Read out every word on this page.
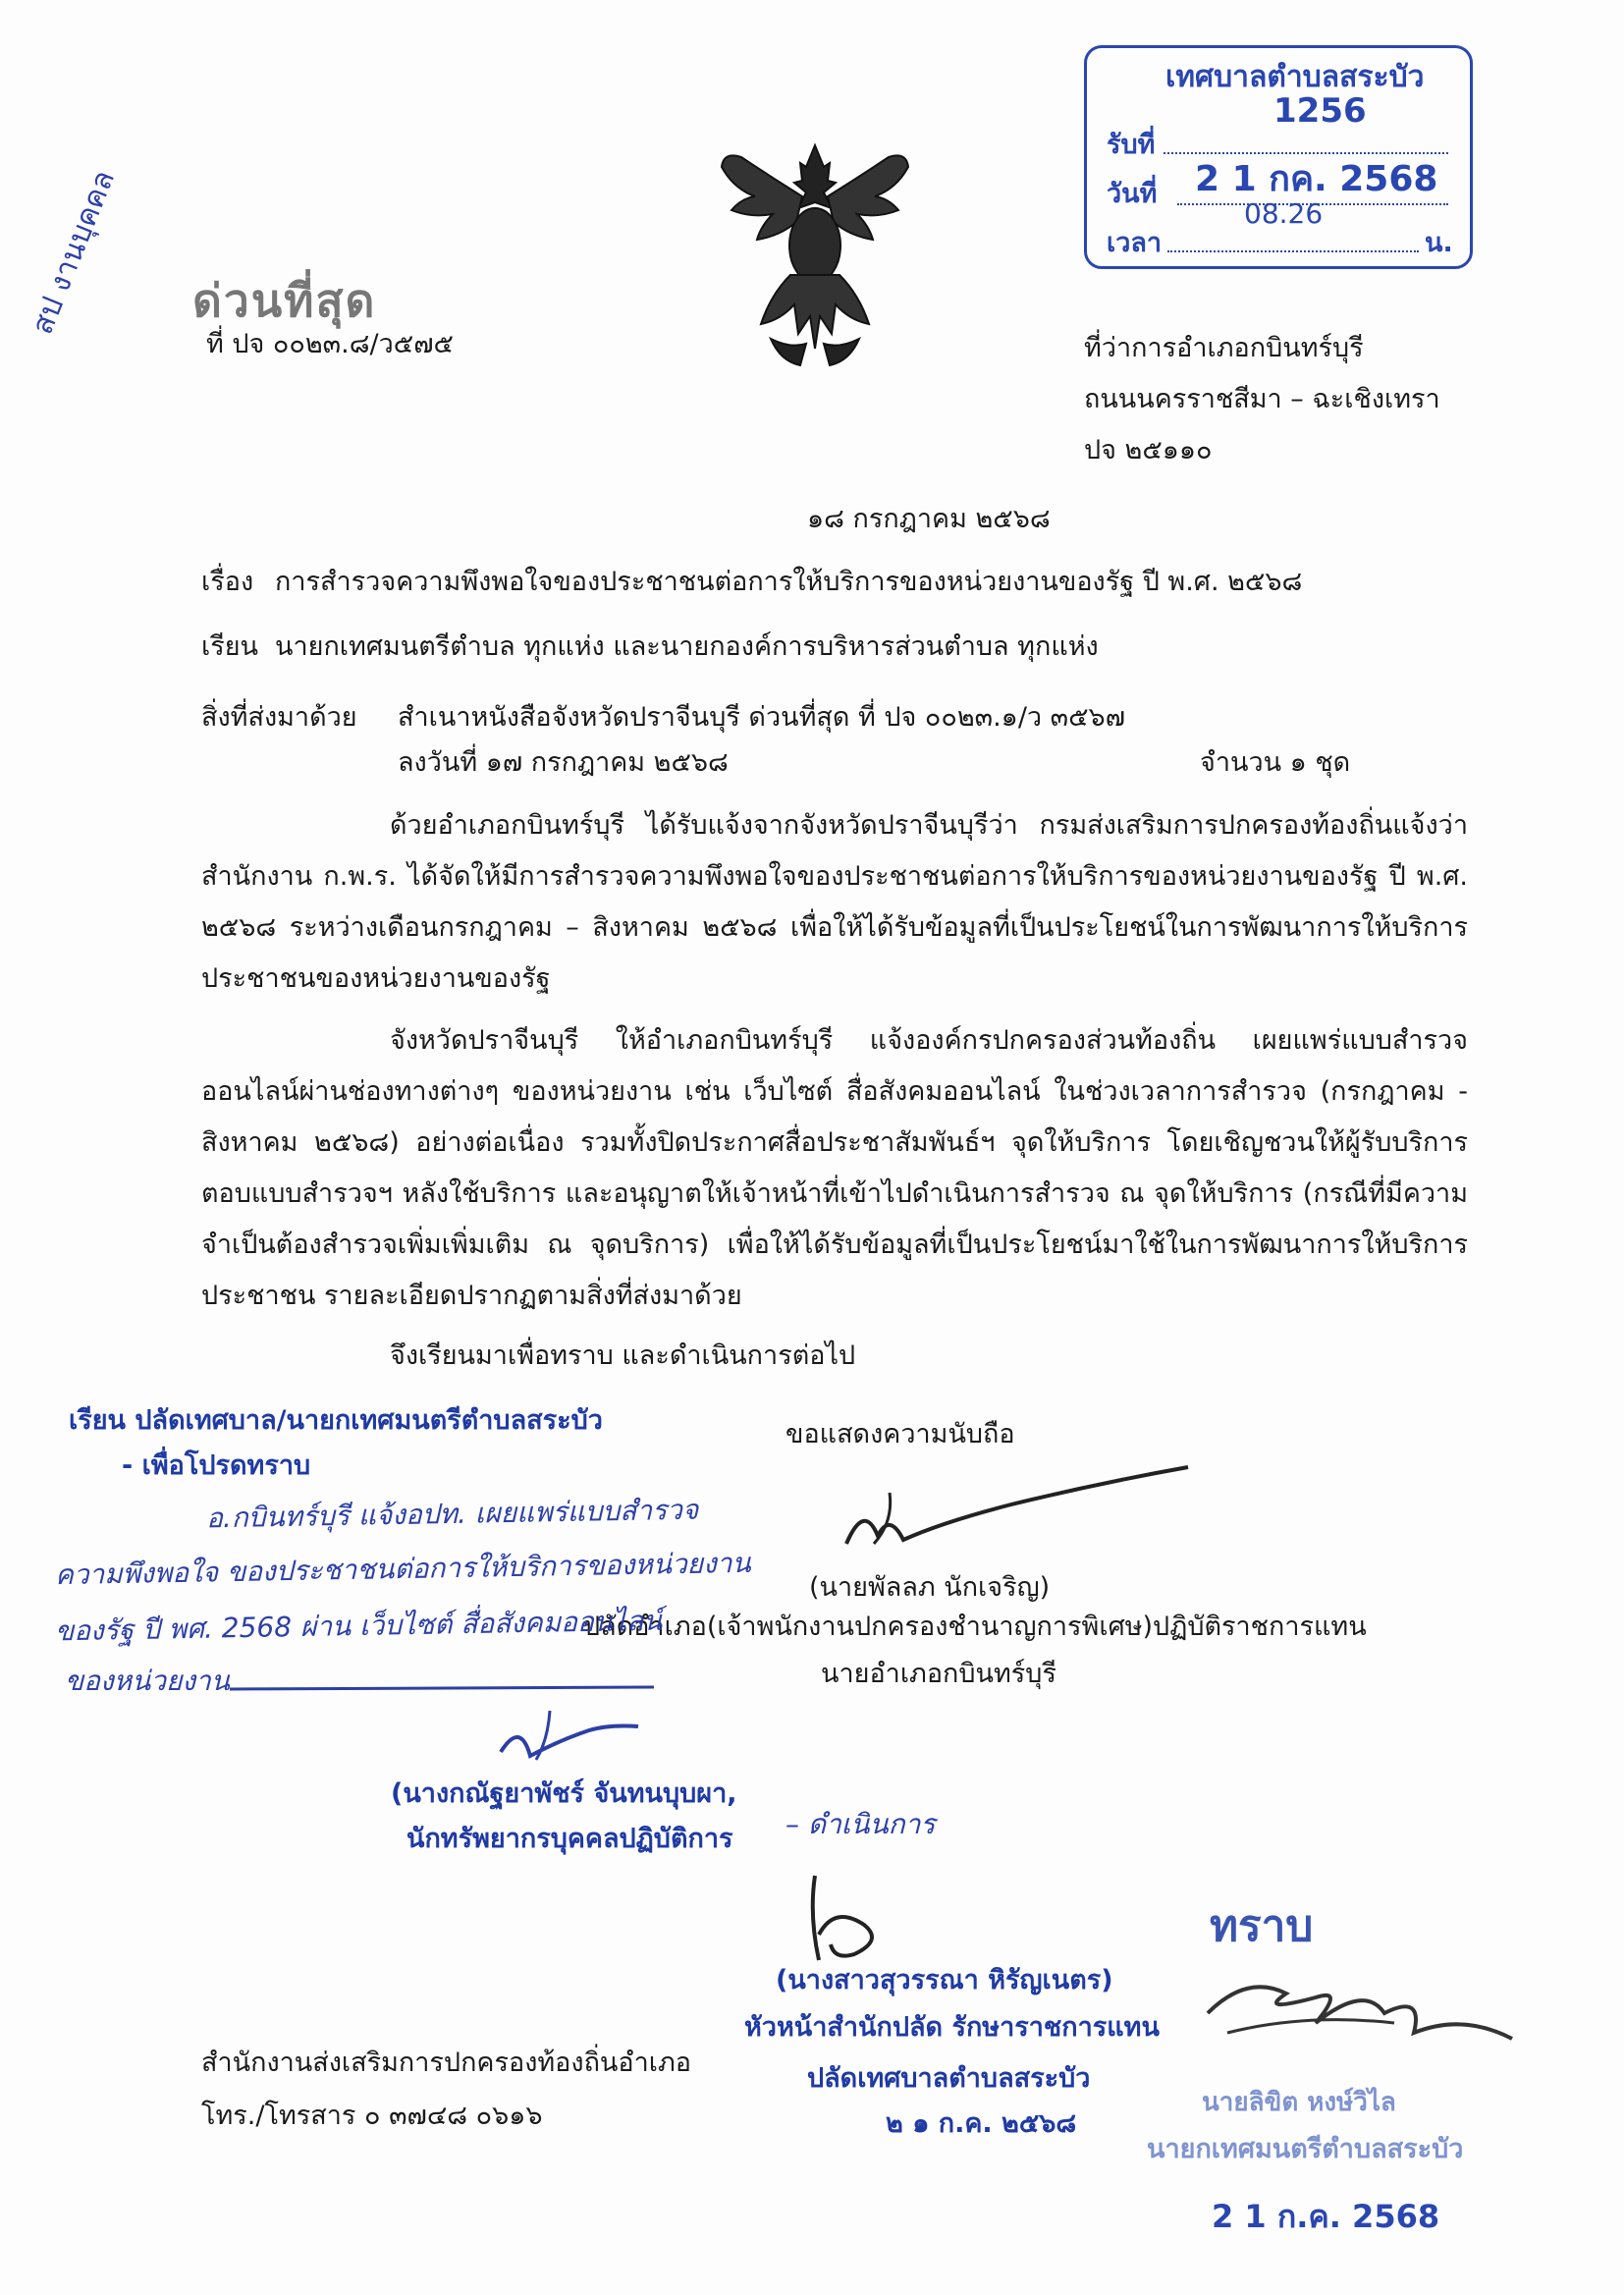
เทศบาลตำบลสระบัว
รับที่
1256
วันที่ 2 1 กค. 2568
เวลา
08.26
น.
สป งานบุคคล ด่วนที่สุด
ที่ ปจ ๐๐๒๓.๘/ว๕๗๕	ที่ว่าการอำเภอกบินทร์บุรี
ถนนนครราชสีมา – ฉะเชิงเทรา
ปจ ๒๕๑๑๐
๑๘ กรกฎาคม ๒๕๖๘
เรื่อง การสำรวจความพึงพอใจของประชาชนต่อการให้บริการของหน่วยงานของรัฐ ปี พ.ศ. ๒๕๖๘
เรียน นายกเทศมนตรีตำบล ทุกแห่ง และนายกองค์การบริหารส่วนตำบล ทุกแห่ง
สิ่งที่ส่งมาด้วย สำเนาหนังสือจังหวัดปราจีนบุรี ด่วนที่สุด ที่ ปจ ๐๐๒๓.๑/ว ๓๕๖๗
ลงวันที่ ๑๗ กรกฎาคม ๒๕๖๘	จำนวน ๑ ชุด
ด้วยอำเภอกบินทร์บุรี ได้รับแจ้งจากจังหวัดปราจีนบุรีว่า กรมส่งเสริมการปกครองท้องถิ่นแจ้งว่า สำนักงาน ก.พ.ร. ได้จัดให้มีการสำรวจความพึงพอใจของประชาชนต่อการให้บริการของหน่วยงานของรัฐ ปี พ.ศ. ๒๕๖๘ ระหว่างเดือนกรกฎาคม – สิงหาคม ๒๕๖๘ เพื่อให้ได้รับข้อมูลที่เป็นประโยชน์ในการพัฒนาการให้บริการประชาชนของหน่วยงานของรัฐ
จังหวัดปราจีนบุรี ให้อำเภอกบินทร์บุรี แจ้งองค์กรปกครองส่วนท้องถิ่น เผยแพร่แบบสำรวจออนไลน์ผ่านช่องทางต่างๆ ของหน่วยงาน เช่น เว็บไซต์ สื่อสังคมออนไลน์ ในช่วงเวลาการสำรวจ (กรกฎาคม - สิงหาคม ๒๕๖๘) อย่างต่อเนื่อง รวมทั้งปิดประกาศสื่อประชาสัมพันธ์ฯ จุดให้บริการ โดยเชิญชวนให้ผู้รับบริการตอบแบบสำรวจฯ หลังใช้บริการ และอนุญาตให้เจ้าหน้าที่เข้าไปดำเนินการสำรวจ ณ จุดให้บริการ (กรณีที่มีความจำเป็นต้องสำรวจเพิ่มเพิ่มเติม ณ จุดบริการ) เพื่อให้ได้รับข้อมูลที่เป็นประโยชน์มาใช้ในการพัฒนาการให้บริการประชาชน รายละเอียดปรากฏตามสิ่งที่ส่งมาด้วย
จึงเรียนมาเพื่อทราบ และดำเนินการต่อไป
ขอแสดงความนับถือ
(นายพัลลภ นักเจริญ)
ปลัดอำเภอ(เจ้าพนักงานปกครองชำนาญการพิเศษ)ปฏิบัติราชการแทน
นายอำเภอกบินทร์บุรี
เรียน ปลัดเทศบาล/นายกเทศมนตรีตำบลสระบัว
- เพื่อโปรดทราบ
อ.กบินทร์บุรี แจ้งอปท. เผยแพร่แบบสำรวจ
ความพึงพอใจ ของประชาชนต่อการให้บริการของหน่วยงาน
ของรัฐ ปี พศ. 2568 ผ่าน เว็บไซต์ สื่อสังคมออนไลน์
ของหน่วยงาน
(นางกณัฐยาพัชร์ จันทนบุบผา,
นักทรัพยากรบุคคลปฏิบัติการ – ดำเนินการ
(นางสาวสุวรรณา หิรัญเนตร)
หัวหน้าสำนักปลัด รักษาราชการแทน
ปลัดเทศบาลตำบลสระบัว
๒ ๑ ก.ค. ๒๕๖๘
ทราบ
นายลิขิต หงษ์วิไล
นายกเทศมนตรีตำบลสระบัว
2 1 ก.ค. 2568
สำนักงานส่งเสริมการปกครองท้องถิ่นอำเภอ
โทร./โทรสาร ๐ ๓๗๔๘ ๐๖๑๖
